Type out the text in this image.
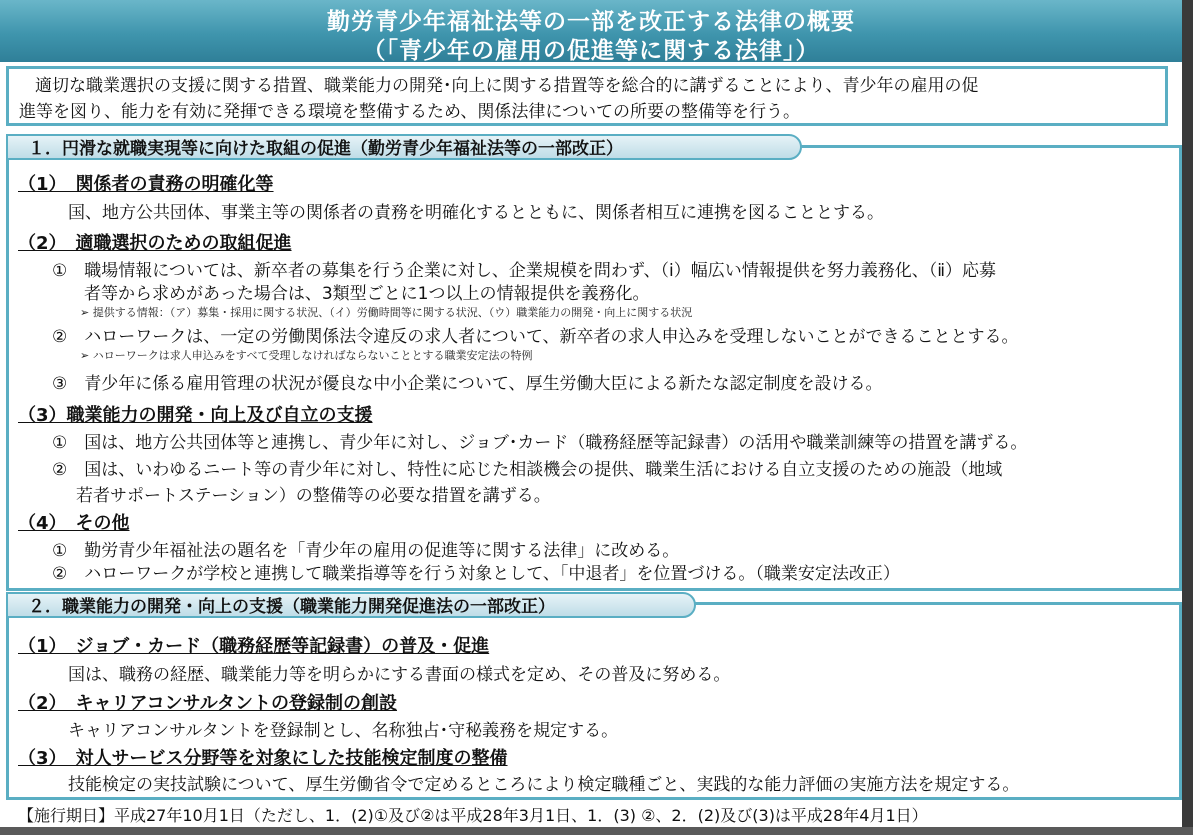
勤労青少年福祉法等の一部を改正する法律の概要
（「青少年の雇用の促進等に関する法律」）
適切な職業選択の支援に関する措置、職業能力の開発･向上に関する措置等を総合的に講ずることにより、青少年の雇用の促
進等を図り、能力を有効に発揮できる環境を整備するため、関係法律についての所要の整備等を行う。
１．円滑な就職実現等に向けた取組の促進（勤労青少年福祉法等の一部改正）
（1）　関係者の責務の明確化等
国、地方公共団体、事業主等の関係者の責務を明確化するとともに、関係者相互に連携を図ることとする。
（2）　適職選択のための取組促進
①　職場情報については、新卒者の募集を行う企業に対し、企業規模を問わず、（ⅰ）幅広い情報提供を努力義務化、（ⅱ）応募
者等から求めがあった場合は、3類型ごとに1つ以上の情報提供を義務化。
➢ 提供する情報：（ア）募集・採用に関する状況、（イ）労働時間等に関する状況、（ウ）職業能力の開発・向上に関する状況
②　ハローワークは、一定の労働関係法令違反の求人者について、新卒者の求人申込みを受理しないことができることとする。
➢ ハローワークは求人申込みをすべて受理しなければならないこととする職業安定法の特例
③　青少年に係る雇用管理の状況が優良な中小企業について、厚生労働大臣による新たな認定制度を設ける。
（3）職業能力の開発・向上及び自立の支援
①　国は、地方公共団体等と連携し、青少年に対し、ジョブ･カード（職務経歴等記録書）の活用や職業訓練等の措置を講ずる。
②　国は、いわゆるニート等の青少年に対し、特性に応じた相談機会の提供、職業生活における自立支援のための施設（地域
若者サポートステーション）の整備等の必要な措置を講ずる。
（4）　その他
①　勤労青少年福祉法の題名を「青少年の雇用の促進等に関する法律」に改める。
②　ハローワークが学校と連携して職業指導等を行う対象として、「中退者」を位置づける。（職業安定法改正）
２．職業能力の開発・向上の支援（職業能力開発促進法の一部改正）
（1）　ジョブ・カード（職務経歴等記録書）の普及・促進
国は、職務の経歴、職業能力等を明らかにする書面の様式を定め、その普及に努める。
（2）　キャリアコンサルタントの登録制の創設
キャリアコンサルタントを登録制とし、名称独占･守秘義務を規定する。
（3）　対人サービス分野等を対象にした技能検定制度の整備
技能検定の実技試験について、厚生労働省令で定めるところにより検定職種ごと、実践的な能力評価の実施方法を規定する。
【施行期日】平成27年10月1日（ただし、1．(2)①及び②は平成28年3月1日、1．(3) ②、2．(2)及び(3)は平成28年4月1日）
